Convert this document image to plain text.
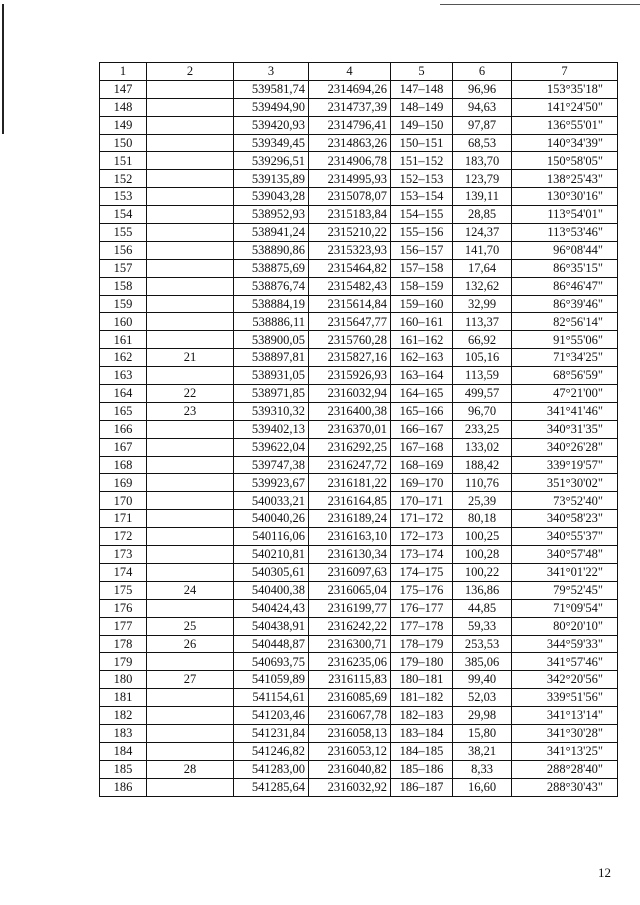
1	2	3	4	5	6	7
147		539581,74	2314694,26	147–148	96,96	153°35'18"
148		539494,90	2314737,39	148–149	94,63	141°24'50"
149		539420,93	2314796,41	149–150	97,87	136°55'01"
150		539349,45	2314863,26	150–151	68,53	140°34'39"
151		539296,51	2314906,78	151–152	183,70	150°58'05"
152		539135,89	2314995,93	152–153	123,79	138°25'43"
153		539043,28	2315078,07	153–154	139,11	130°30'16"
154		538952,93	2315183,84	154–155	28,85	113°54'01"
155		538941,24	2315210,22	155–156	124,37	113°53'46"
156		538890,86	2315323,93	156–157	141,70	96°08'44"
157		538875,69	2315464,82	157–158	17,64	86°35'15"
158		538876,74	2315482,43	158–159	132,62	86°46'47"
159		538884,19	2315614,84	159–160	32,99	86°39'46"
160		538886,11	2315647,77	160–161	113,37	82°56'14"
161		538900,05	2315760,28	161–162	66,92	91°55'06"
162	21	538897,81	2315827,16	162–163	105,16	71°34'25"
163		538931,05	2315926,93	163–164	113,59	68°56'59"
164	22	538971,85	2316032,94	164–165	499,57	47°21'00"
165	23	539310,32	2316400,38	165–166	96,70	341°41'46"
166		539402,13	2316370,01	166–167	233,25	340°31'35"
167		539622,04	2316292,25	167–168	133,02	340°26'28"
168		539747,38	2316247,72	168–169	188,42	339°19'57"
169		539923,67	2316181,22	169–170	110,76	351°30'02"
170		540033,21	2316164,85	170–171	25,39	73°52'40"
171		540040,26	2316189,24	171–172	80,18	340°58'23"
172		540116,06	2316163,10	172–173	100,25	340°55'37"
173		540210,81	2316130,34	173–174	100,28	340°57'48"
174		540305,61	2316097,63	174–175	100,22	341°01'22"
175	24	540400,38	2316065,04	175–176	136,86	79°52'45"
176		540424,43	2316199,77	176–177	44,85	71°09'54"
177	25	540438,91	2316242,22	177–178	59,33	80°20'10"
178	26	540448,87	2316300,71	178–179	253,53	344°59'33"
179		540693,75	2316235,06	179–180	385,06	341°57'46"
180	27	541059,89	2316115,83	180–181	99,40	342°20'56"
181		541154,61	2316085,69	181–182	52,03	339°51'56"
182		541203,46	2316067,78	182–183	29,98	341°13'14"
183		541231,84	2316058,13	183–184	15,80	341°30'28"
184		541246,82	2316053,12	184–185	38,21	341°13'25"
185	28	541283,00	2316040,82	185–186	8,33	288°28'40"
186		541285,64	2316032,92	186–187	16,60	288°30'43"
12
